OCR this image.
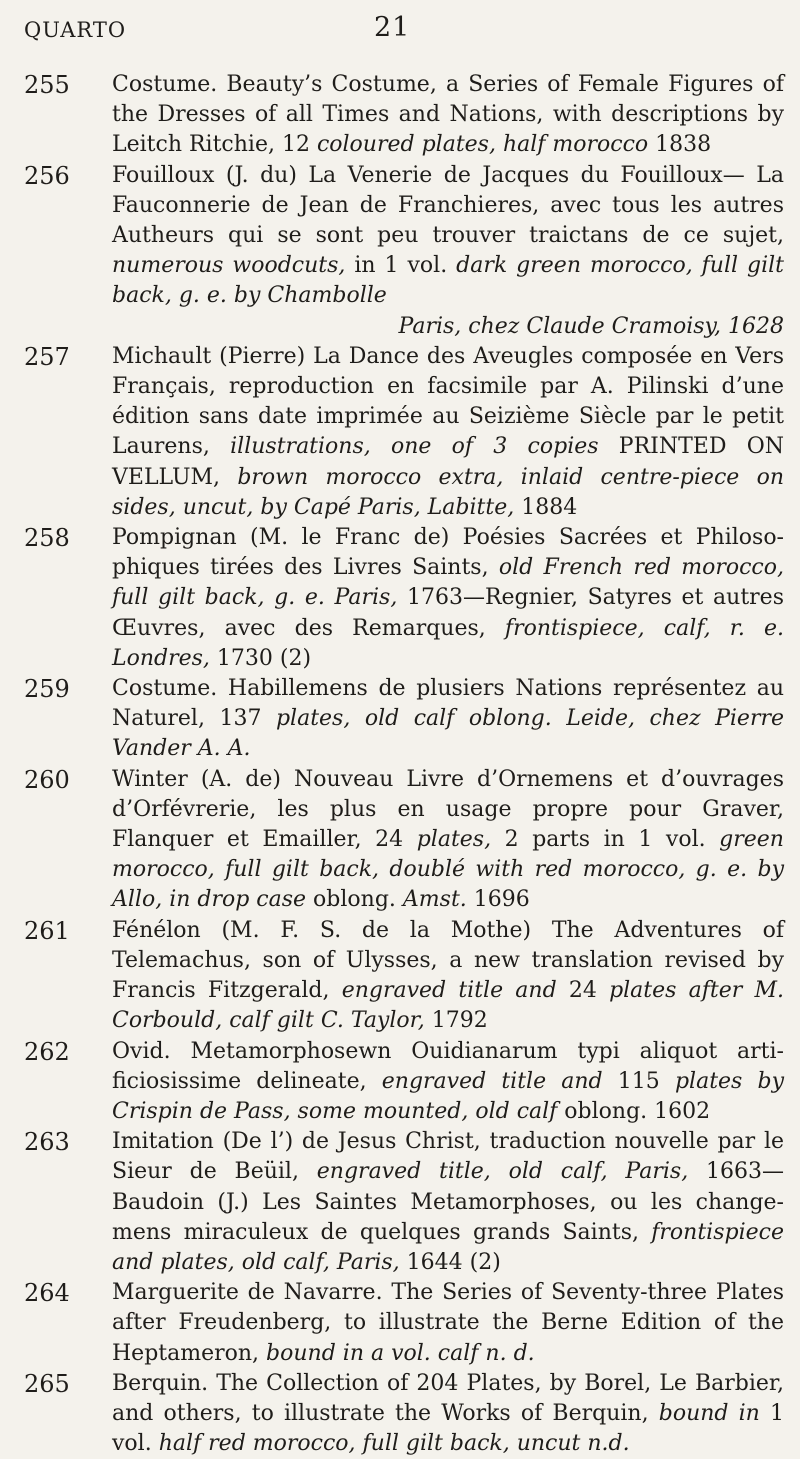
QUARTO	21
255	Costume. Beauty’s Costume, a Series of Female Figures of the Dresses of all Times and Nations, with descriptions by Leitch Ritchie, 12 coloured plates, half morocco 1838
256	Fouilloux (J. du) La Venerie de Jacques du Fouilloux— La Fauconnerie de Jean de Franchieres, avec tous les autres Autheurs qui se sont peu trouver traictans de ce sujet, numerous woodcuts, in 1 vol. dark green morocco, full gilt back, g. e. by Chambolle
Paris, chez Claude Cramoisy, 1628
257	Michault (Pierre) La Dance des Aveugles composée en Vers Français, reproduction en facsimile par A. Pilinski d’une édition sans date imprimée au Seizième Siècle par le petit Laurens, illustrations, one of 3 copies PRINTED ON VELLUM, brown morocco extra, inlaid centre-piece on sides, uncut, by Capé Paris, Labitte, 1884
258	Pompignan (M. le Franc de) Poésies Sacrées et Philoso- phiques tirées des Livres Saints, old French red morocco, full gilt back, g. e. Paris, 1763—Regnier, Satyres et autres Œuvres, avec des Remarques, frontispiece, calf, r. e. Londres, 1730 (2)
259	Costume. Habillemens de plusiers Nations représentez au Naturel, 137 plates, old calf oblong. Leide, chez Pierre Vander A. A.
260	Winter (A. de) Nouveau Livre d’Ornemens et d’ouvrages d’Orfévrerie, les plus en usage propre pour Graver, Flanquer et Emailler, 24 plates, 2 parts in 1 vol. green morocco, full gilt back, doublé with red morocco, g. e. by Allo, in drop case oblong. Amst. 1696
261	Fénélon (M. F. S. de la Mothe) The Adventures of Telemachus, son of Ulysses, a new translation revised by Francis Fitzgerald, engraved title and 24 plates after M. Corbould, calf gilt C. Taylor, 1792
262	Ovid. Metamorphosewn Ouidianarum typi aliquot arti- ficiosissime delineate, engraved title and 115 plates by Crispin de Pass, some mounted, old calf oblong. 1602
263	Imitation (De l’) de Jesus Christ, traduction nouvelle par le Sieur de Beüil, engraved title, old calf, Paris, 1663— Baudoin (J.) Les Saintes Metamorphoses, ou les change- mens miraculeux de quelques grands Saints, frontispiece and plates, old calf, Paris, 1644 (2)
264	Marguerite de Navarre. The Series of Seventy-three Plates after Freudenberg, to illustrate the Berne Edition of the Heptameron, bound in a vol. calf n. d.
265	Berquin. The Collection of 204 Plates, by Borel, Le Barbier, and others, to illustrate the Works of Berquin, bound in 1 vol. half red morocco, full gilt back, uncut n.d.
